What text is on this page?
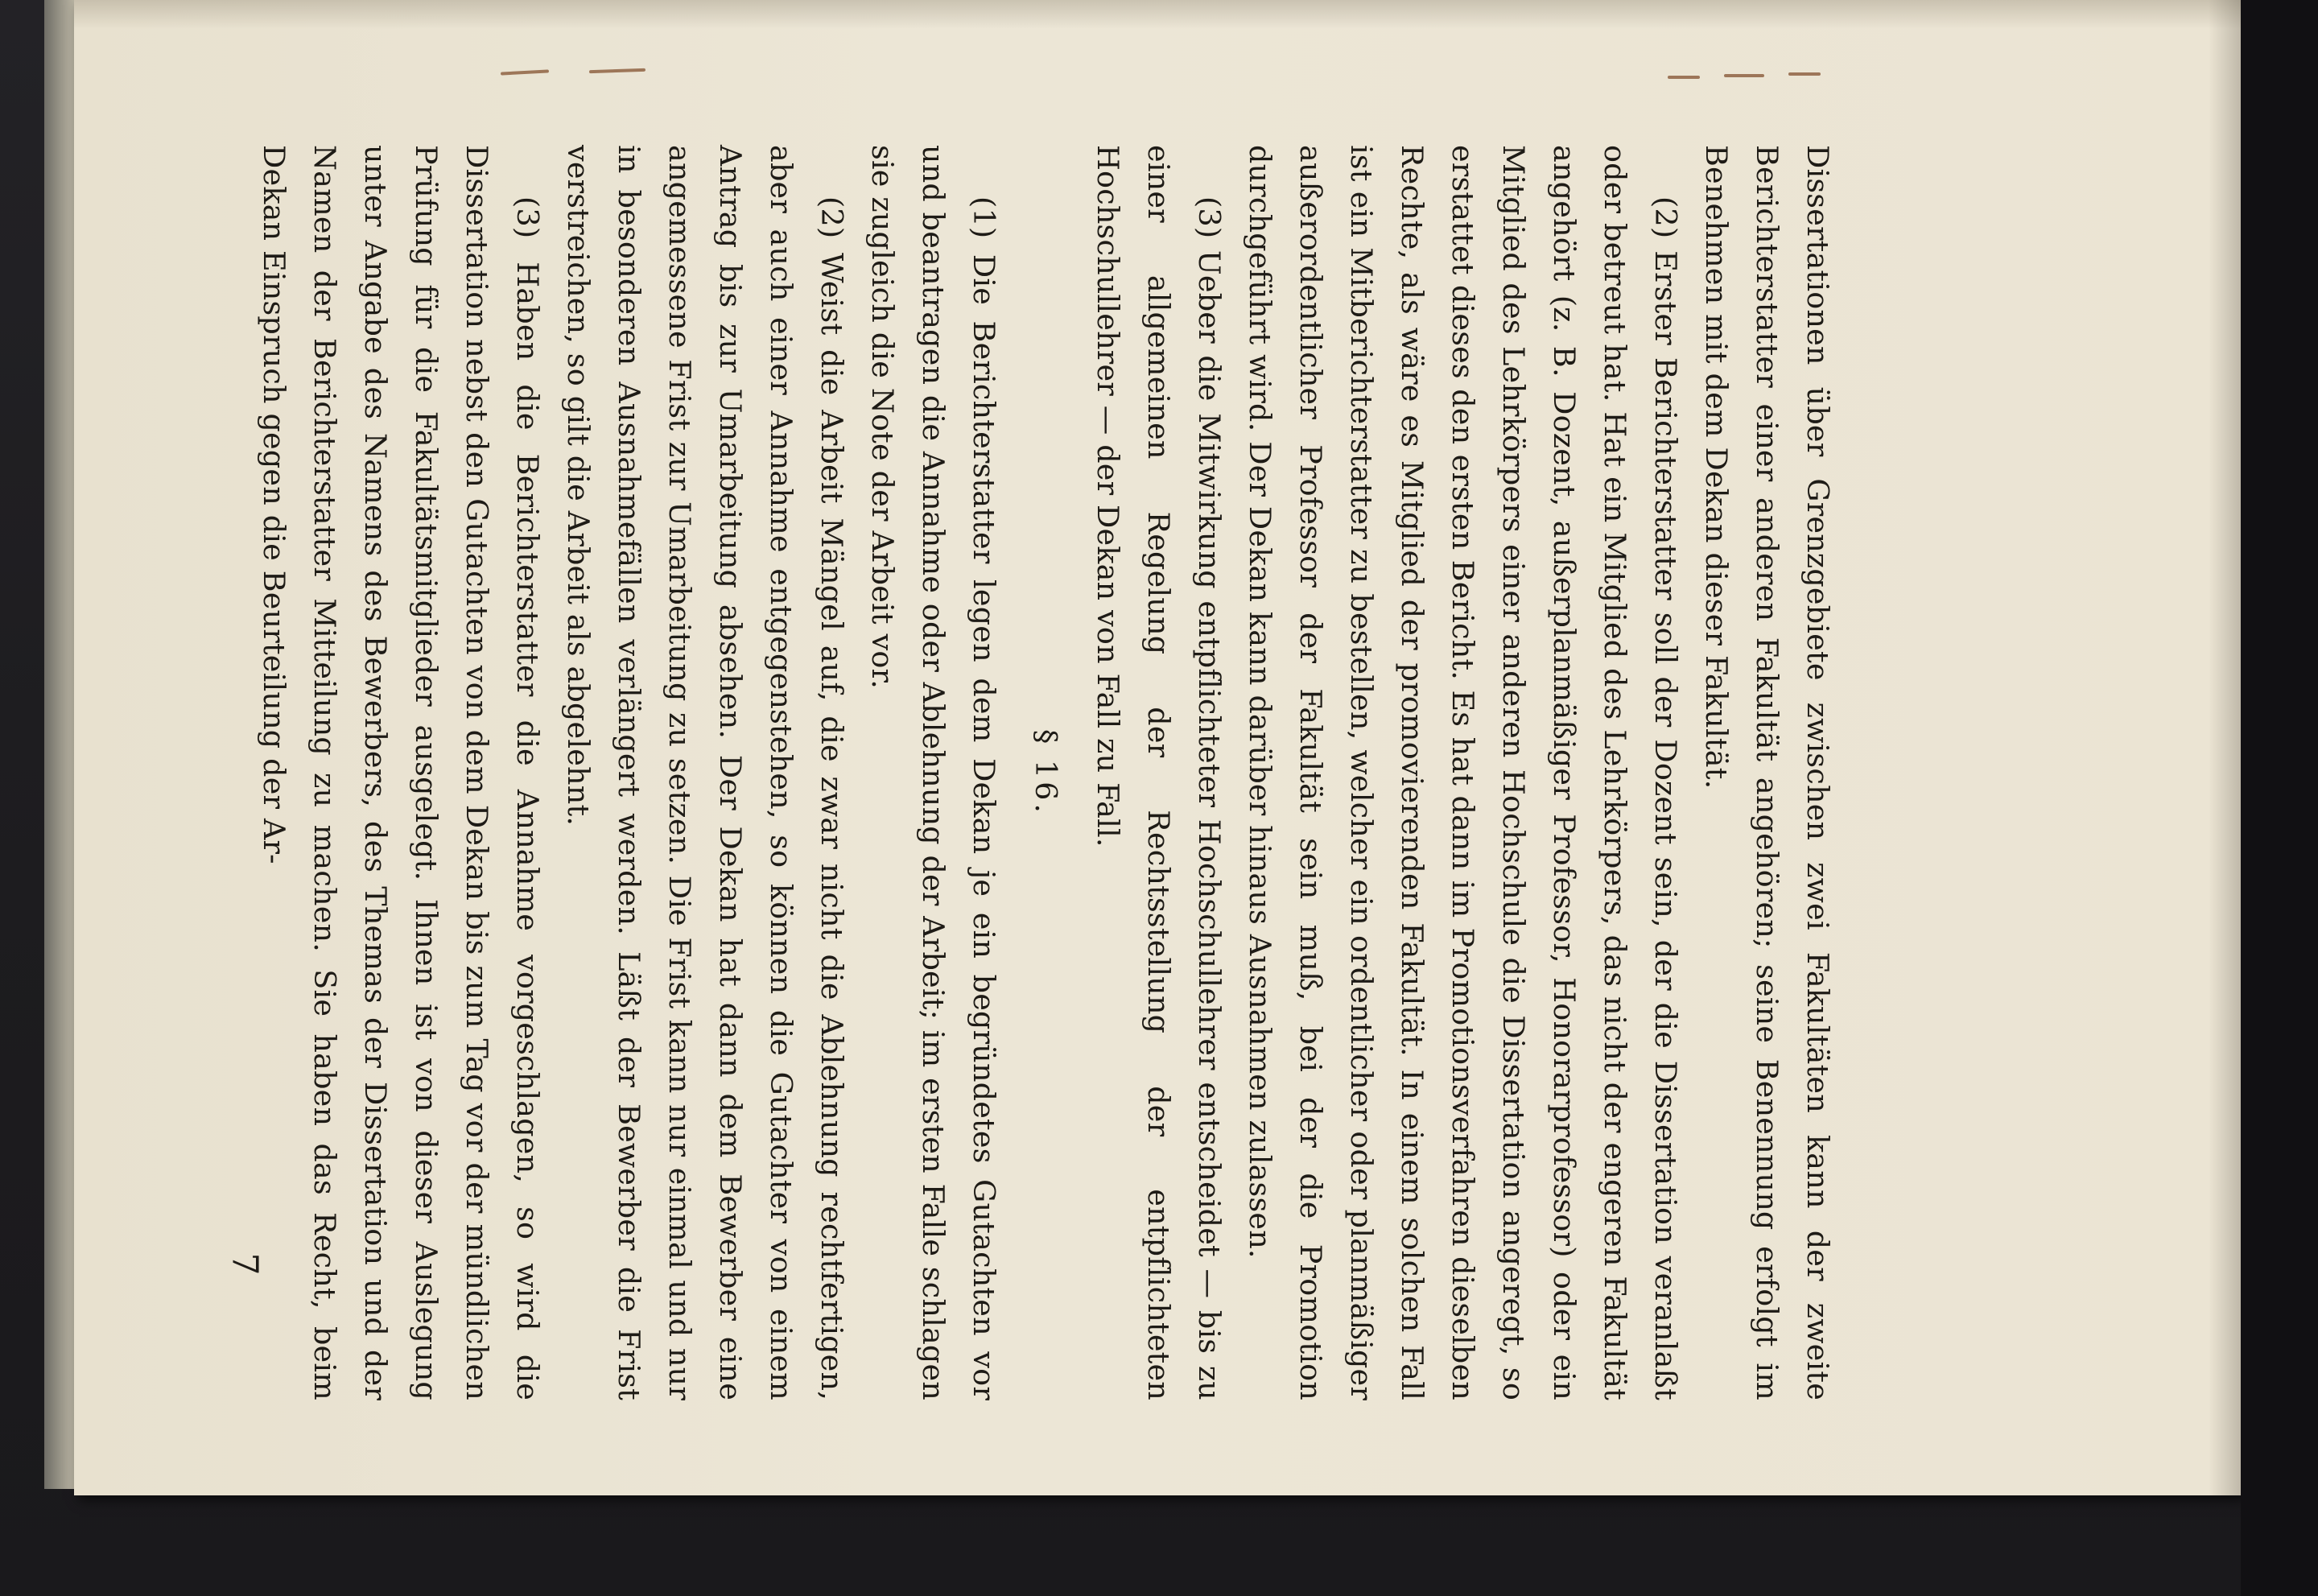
Dissertationen über Grenzgebiete zwischen zwei Fakultäten kann der zweite Berichterstatter einer anderen Fakultät angehören; seine Benennung erfolgt im Benehmen mit dem Dekan dieser Fakultät.

(2) Erster Berichterstatter soll der Dozent sein, der die Dissertation veranlaßt oder betreut hat. Hat ein Mitglied des Lehrkörpers, das nicht der engeren Fakultät angehört (z. B. Dozent, außerplanmäßiger Professor, Honorarprofessor) oder ein Mitglied des Lehrkörpers einer anderen Hochschule die Dissertation angeregt, so erstattet dieses den ersten Bericht. Es hat dann im Promotionsverfahren dieselben Rechte, als wäre es Mitglied der promovierenden Fakultät. In einem solchen Fall ist ein Mitberichterstatter zu bestellen, welcher ein ordentlicher oder planmäßiger außerordentlicher Professor der Fakultät sein muß, bei der die Promotion durchgeführt wird. Der Dekan kann darüber hinaus Ausnahmen zulassen.

(3) Ueber die Mitwirkung entpflichteter Hochschullehrer entscheidet — bis zu einer allgemeinen Regelung der Rechtsstellung der entpflichteten Hochschullehrer — der Dekan von Fall zu Fall.

§ 16.

(1) Die Berichterstatter legen dem Dekan je ein begründetes Gutachten vor und beantragen die Annahme oder Ablehnung der Arbeit; im ersten Falle schlagen sie zugleich die Note der Arbeit vor.

(2) Weist die Arbeit Mängel auf, die zwar nicht die Ablehnung rechtfertigen, aber auch einer Annahme entgegenstehen, so können die Gutachter von einem Antrag bis zur Umarbeitung absehen. Der Dekan hat dann dem Bewerber eine angemessene Frist zur Umarbeitung zu setzen. Die Frist kann nur einmal und nur in besonderen Ausnahmefällen verlängert werden. Läßt der Bewerber die Frist verstreichen, so gilt die Arbeit als abgelehnt.

(3) Haben die Berichterstatter die Annahme vorgeschlagen, so wird die Dissertation nebst den Gutachten von dem Dekan bis zum Tag vor der mündlichen Prüfung für die Fakultätsmitglieder ausgelegt. Ihnen ist von dieser Auslegung unter Angabe des Namens des Bewerbers, des Themas der Dissertation und der Namen der Berichterstatter Mitteilung zu machen. Sie haben das Recht, beim Dekan Einspruch gegen die Beurteilung der Ar-

7
